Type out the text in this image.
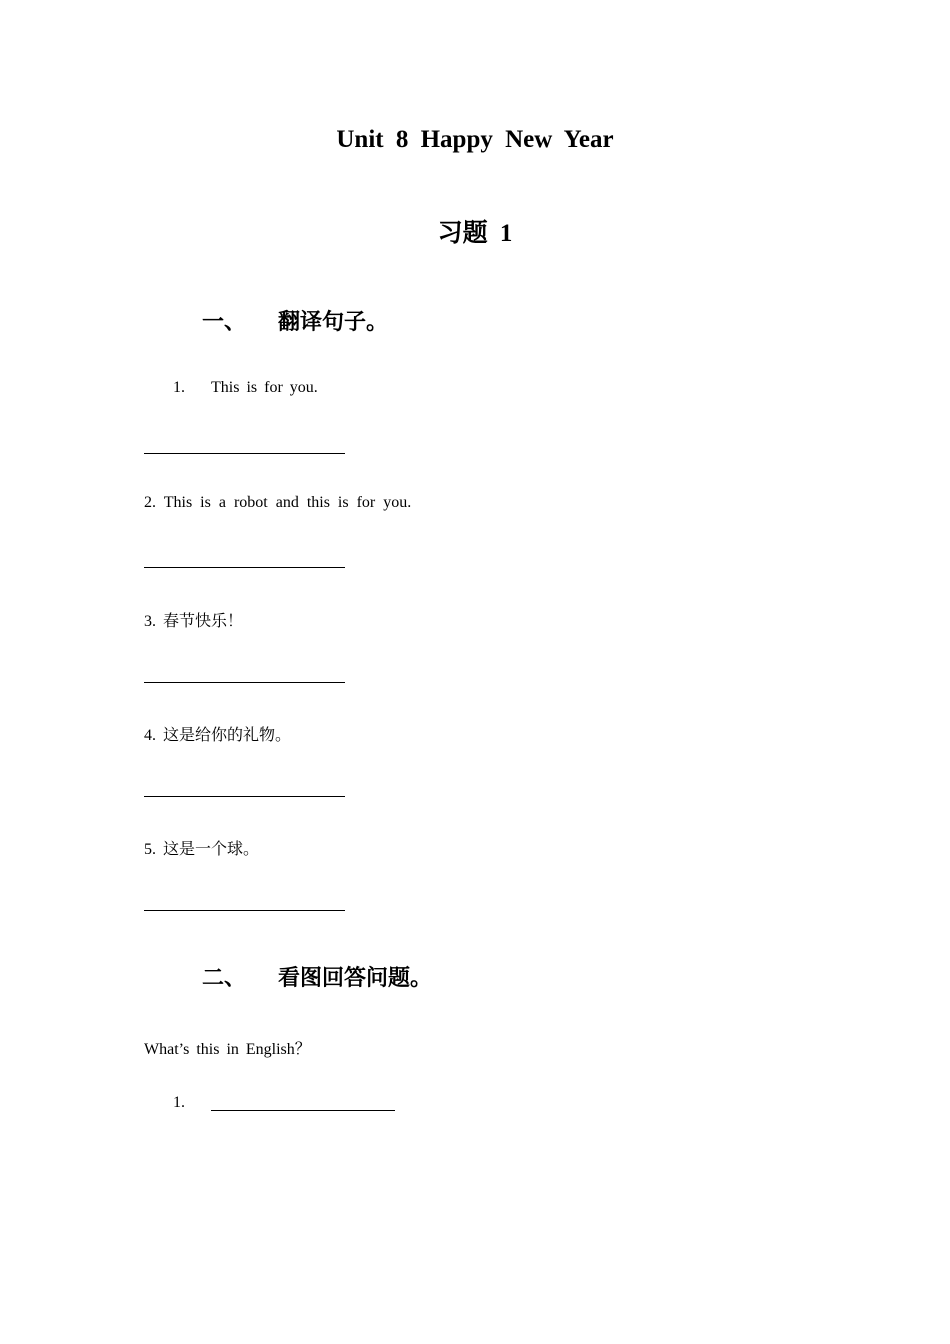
Unit 8 Happy New Year
习题 1
一、 翻译句子。
1. This is for you.
2. This is a robot and this is for you.
3. 春节快乐！
4. 这是给你的礼物。
5. 这是一个球。
二、 看图回答问题。
What’s this in English？
1.
